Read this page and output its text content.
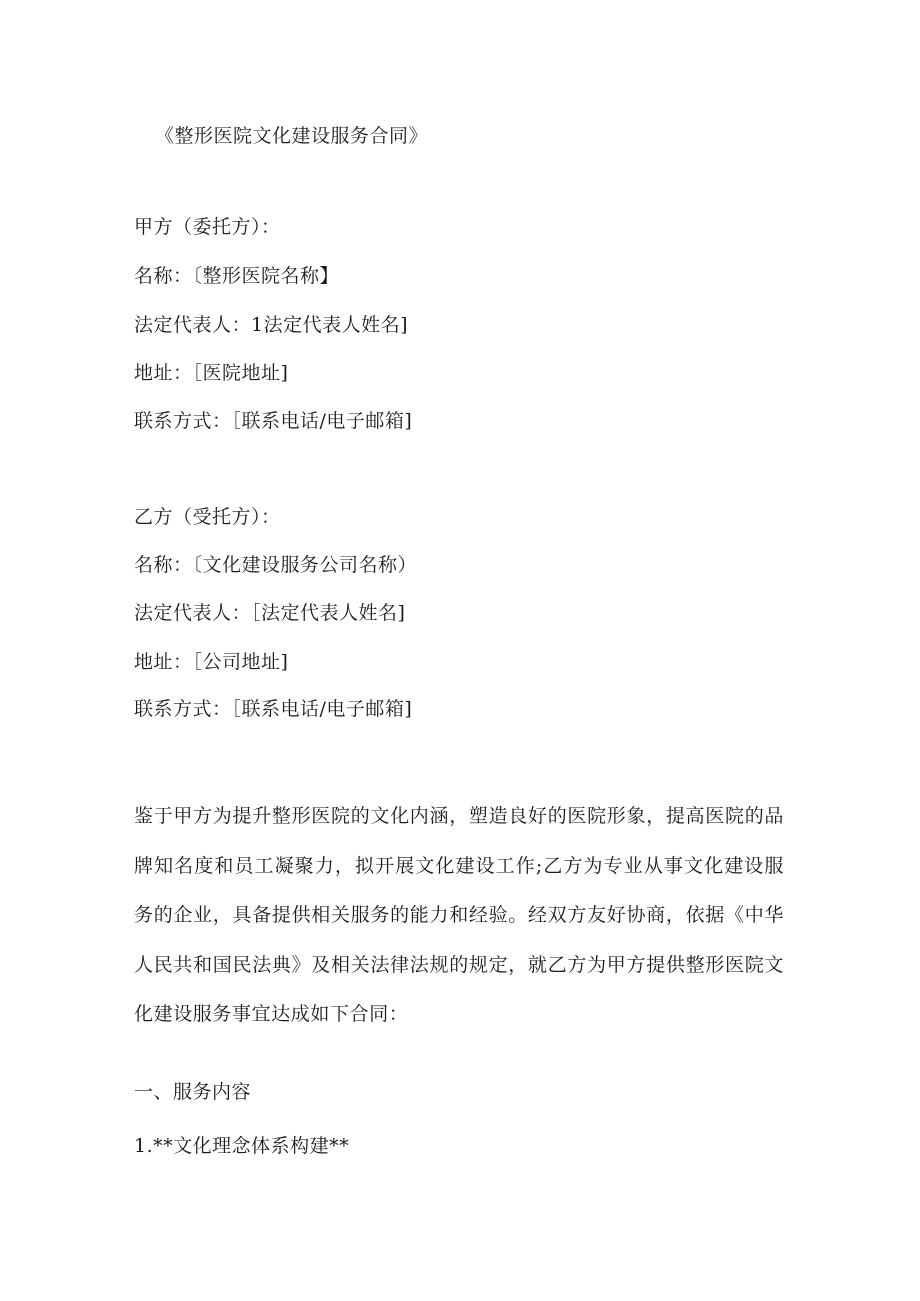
《整形医院文化建设服务合同》
甲方（委托方）：
名称：〔整形医院名称】
法定代表人：1法定代表人姓名]
地址：［医院地址]
联系方式：［联系电话/电子邮箱]
乙方（受托方）：
名称：〔文化建设服务公司名称）
法定代表人：［法定代表人姓名]
地址：［公司地址]
联系方式：［联系电话/电子邮箱]
鉴于甲方为提升整形医院的文化内涵，塑造良好的医院形象，提高医院的品牌知名度和员工凝聚力，拟开展文化建设工作;乙方为专业从事文化建设服务的企业，具备提供相关服务的能力和经验。经双方友好协商，依据《中华人民共和国民法典》及相关法律法规的规定，就乙方为甲方提供整形医院文化建设服务事宜达成如下合同：
一、服务内容
1.**文化理念体系构建**
